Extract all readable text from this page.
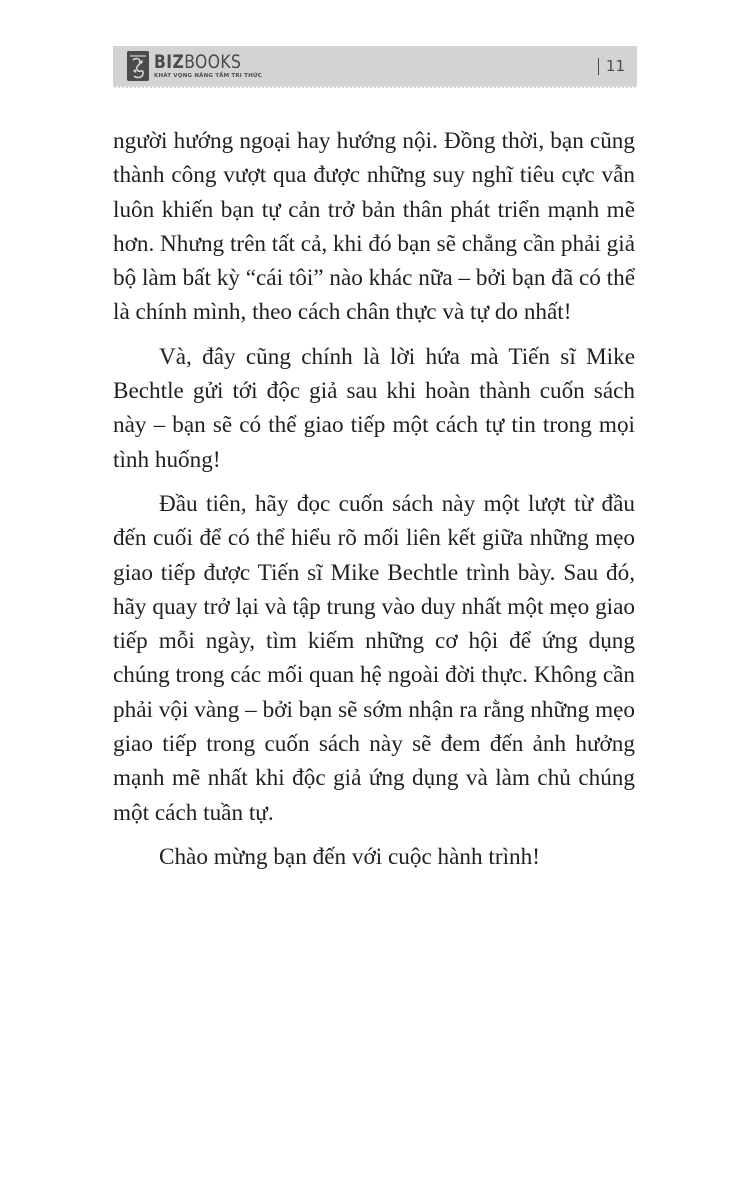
BIZBOOKS
KHÁT VỌNG NÂNG TẦM TRI THỨC
11

người hướng ngoại hay hướng nội. Đồng thời, bạn cũng thành công vượt qua được những suy nghĩ tiêu cực vẫn luôn khiến bạn tự cản trở bản thân phát triển mạnh mẽ hơn. Nhưng trên tất cả, khi đó bạn sẽ chẳng cần phải giả bộ làm bất kỳ “cái tôi” nào khác nữa – bởi bạn đã có thể là chính mình, theo cách chân thực và tự do nhất!

Và, đây cũng chính là lời hứa mà Tiến sĩ Mike Bechtle gửi tới độc giả sau khi hoàn thành cuốn sách này – bạn sẽ có thể giao tiếp một cách tự tin trong mọi tình huống!

Đầu tiên, hãy đọc cuốn sách này một lượt từ đầu đến cuối để có thể hiểu rõ mối liên kết giữa những mẹo giao tiếp được Tiến sĩ Mike Bechtle trình bày. Sau đó, hãy quay trở lại và tập trung vào duy nhất một mẹo giao tiếp mỗi ngày, tìm kiếm những cơ hội để ứng dụng chúng trong các mối quan hệ ngoài đời thực. Không cần phải vội vàng – bởi bạn sẽ sớm nhận ra rằng những mẹo giao tiếp trong cuốn sách này sẽ đem đến ảnh hưởng mạnh mẽ nhất khi độc giả ứng dụng và làm chủ chúng một cách tuần tự.

Chào mừng bạn đến với cuộc hành trình!
